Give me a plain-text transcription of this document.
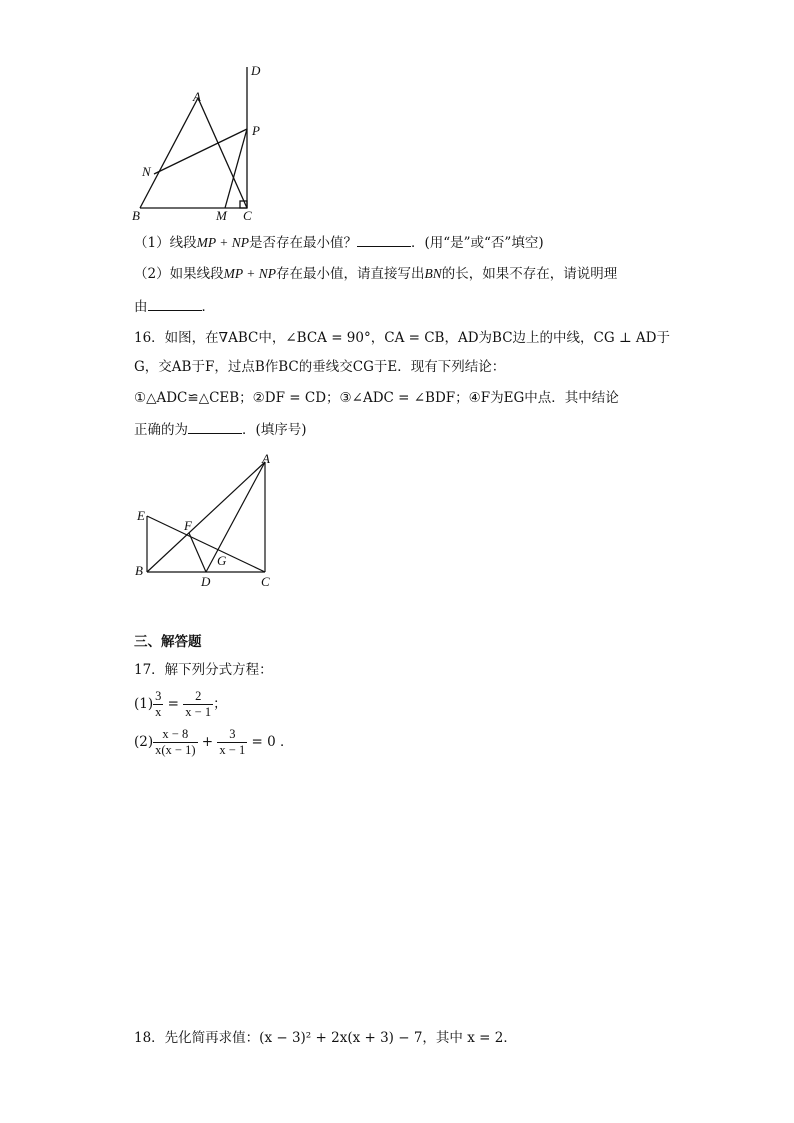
D
A
P
N
B	M C
（1）线段MP + NP是否存在最小值？	．(用“是”或“否”填空)
（2）如果线段MP + NP存在最小值，请直接写出BN的长，如果不存在，请说明理
由	．
16．如图，在∇ABC中，∠BCA = 90°，CA = CB，AD为BC边上的中线，CG ⊥ AD于
G，交AB于F，过点B作BC的垂线交CG于E．现有下列结论：
①△ADC≌△CEB；②DF = CD；③∠ADC = ∠BDF；④F为EG中点．其中结论
正确的为	．(填序号)
A
E
F
G
B
D	C
三、解答题
17．解下列分式方程：
$(1) \frac{3}{x} = \frac{2}{x - 1}$ ；
$(2) \frac{x - 8}{x(x - 1)} + \frac{3}{x - 1} = 0$ ．
18．先化简再求值：(x − 3)² + 2x(x + 3) − 7，其中 x = 2．
